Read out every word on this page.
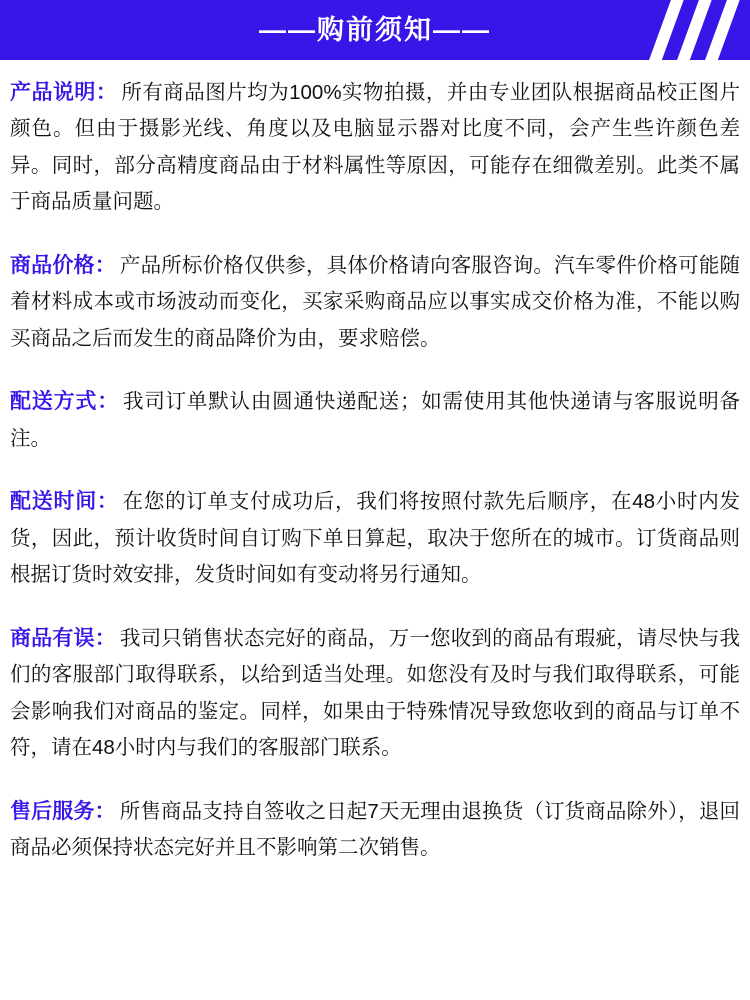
——购前须知——

产品说明： 所有商品图片均为100%实物拍摄，并由专业团队根据商品校正图片颜色。但由于摄影光线、角度以及电脑显示器对比度不同，会产生些许颜色差异。同时，部分高精度商品由于材料属性等原因，可能存在细微差别。此类不属于商品质量问题。

商品价格： 产品所标价格仅供参，具体价格请向客服咨询。汽车零件价格可能随着材料成本或市场波动而变化，买家采购商品应以事实成交价格为准，不能以购买商品之后而发生的商品降价为由，要求赔偿。

配送方式： 我司订单默认由圆通快递配送；如需使用其他快递请与客服说明备注。

配送时间： 在您的订单支付成功后，我们将按照付款先后顺序，在48小时内发货，因此，预计收货时间自订购下单日算起，取决于您所在的城市。订货商品则根据订货时效安排，发货时间如有变动将另行通知。

商品有误： 我司只销售状态完好的商品，万一您收到的商品有瑕疵，请尽快与我们的客服部门取得联系，以给到适当处理。如您没有及时与我们取得联系，可能会影响我们对商品的鉴定。同样，如果由于特殊情况导致您收到的商品与订单不符，请在48小时内与我们的客服部门联系。

售后服务： 所售商品支持自签收之日起7天无理由退换货（订货商品除外），退回商品必须保持状态完好并且不影响第二次销售。
